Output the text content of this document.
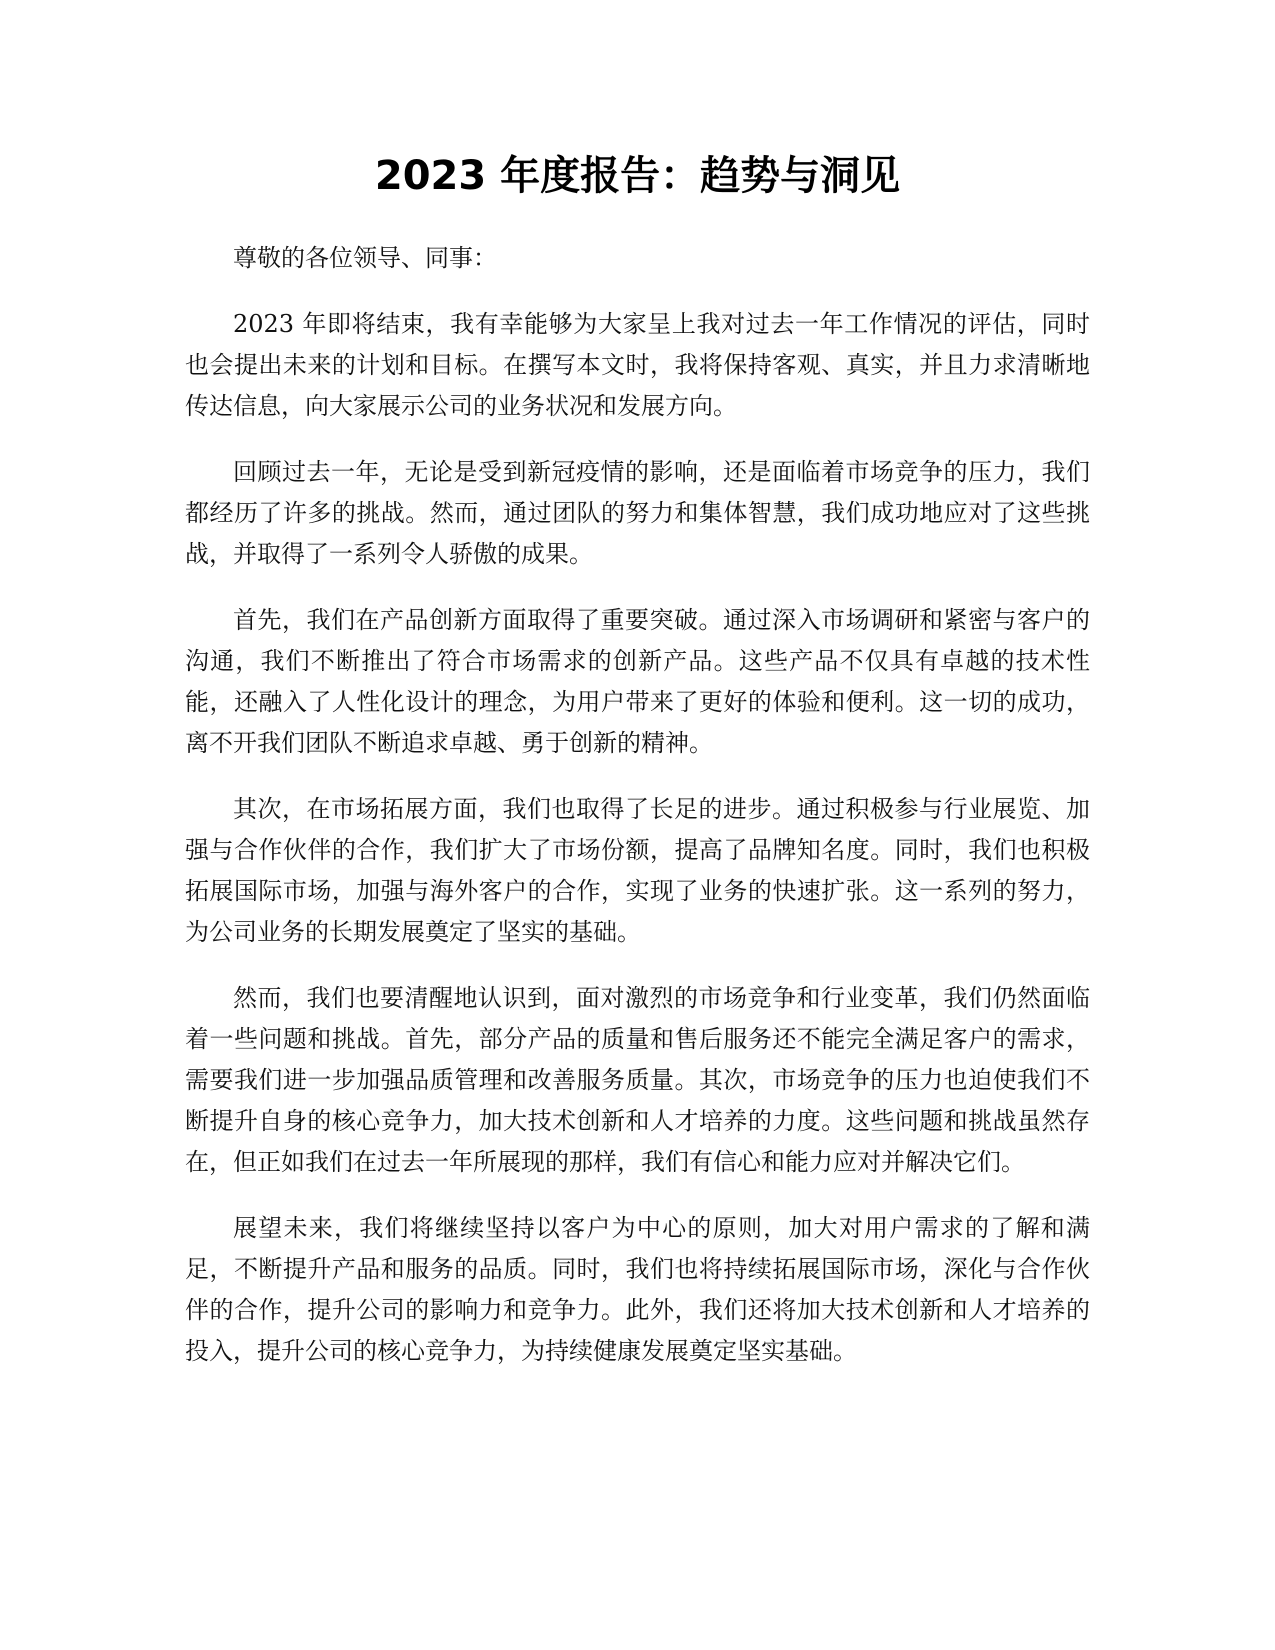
2023 年度报告：趋势与洞见

尊敬的各位领导、同事：

2023 年即将结束，我有幸能够为大家呈上我对过去一年工作情况的评估，同时也会提出未来的计划和目标。在撰写本文时，我将保持客观、真实，并且力求清晰地传达信息，向大家展示公司的业务状况和发展方向。

回顾过去一年，无论是受到新冠疫情的影响，还是面临着市场竞争的压力，我们都经历了许多的挑战。然而，通过团队的努力和集体智慧，我们成功地应对了这些挑战，并取得了一系列令人骄傲的成果。

首先，我们在产品创新方面取得了重要突破。通过深入市场调研和紧密与客户的沟通，我们不断推出了符合市场需求的创新产品。这些产品不仅具有卓越的技术性能，还融入了人性化设计的理念，为用户带来了更好的体验和便利。这一切的成功，离不开我们团队不断追求卓越、勇于创新的精神。

其次，在市场拓展方面，我们也取得了长足的进步。通过积极参与行业展览、加强与合作伙伴的合作，我们扩大了市场份额，提高了品牌知名度。同时，我们也积极拓展国际市场，加强与海外客户的合作，实现了业务的快速扩张。这一系列的努力，为公司业务的长期发展奠定了坚实的基础。

然而，我们也要清醒地认识到，面对激烈的市场竞争和行业变革，我们仍然面临着一些问题和挑战。首先，部分产品的质量和售后服务还不能完全满足客户的需求，需要我们进一步加强品质管理和改善服务质量。其次，市场竞争的压力也迫使我们不断提升自身的核心竞争力，加大技术创新和人才培养的力度。这些问题和挑战虽然存在，但正如我们在过去一年所展现的那样，我们有信心和能力应对并解决它们。

展望未来，我们将继续坚持以客户为中心的原则，加大对用户需求的了解和满足，不断提升产品和服务的品质。同时，我们也将持续拓展国际市场，深化与合作伙伴的合作，提升公司的影响力和竞争力。此外，我们还将加大技术创新和人才培养的投入，提升公司的核心竞争力，为持续健康发展奠定坚实基础。
